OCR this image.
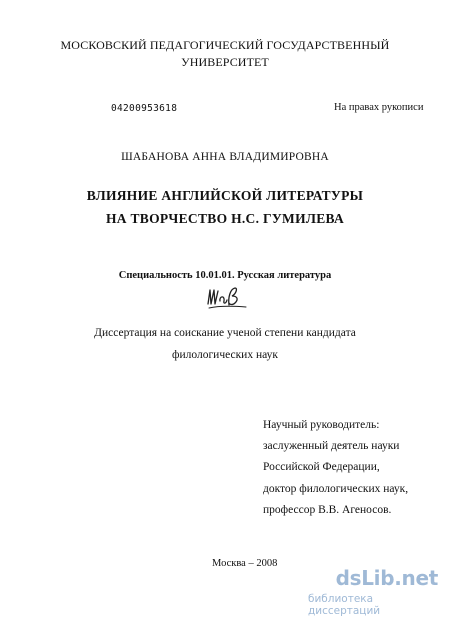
МОСКОВСКИЙ ПЕДАГОГИЧЕСКИЙ ГОСУДАРСТВЕННЫЙ
УНИВЕРСИТЕТ
04200953618	На правах рукописи
ШАБАНОВА АННА ВЛАДИМИРОВНА
ВЛИЯНИЕ АНГЛИЙСКОЙ ЛИТЕРАТУРЫ
НА ТВОРЧЕСТВО Н.С. ГУМИЛЕВА
Специальность 10.01.01. Русская литература
Диссертация на соискание ученой степени кандидата
филологических наук
Научный руководитель:
заслуженный деятель науки
Российской Федерации,
доктор филологических наук,
профессор В.В. Агеносов.
Москва – 2008
dsLib.net
библиотека диссертаций
